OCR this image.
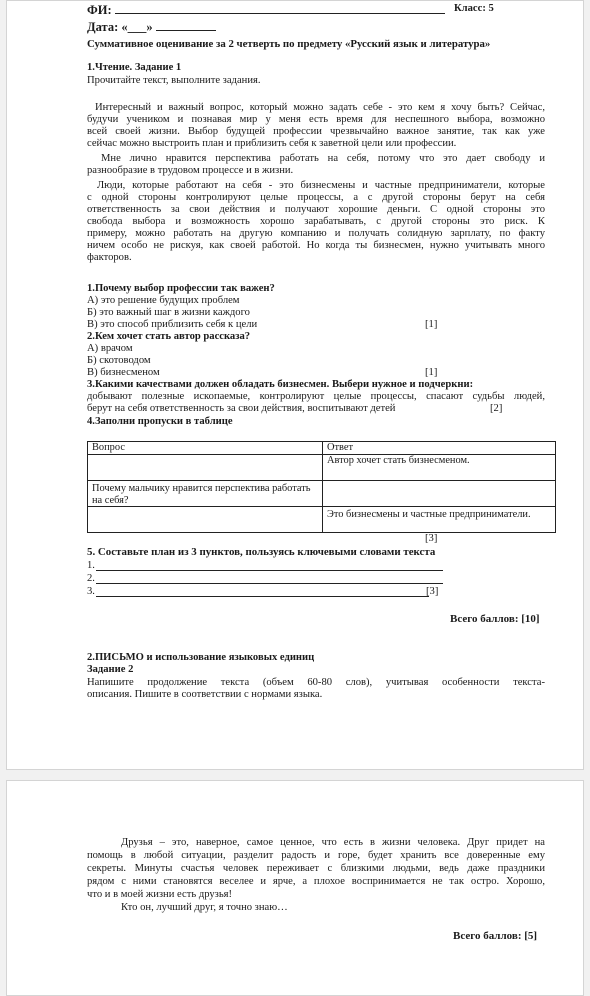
ФИ:	Класс: 5
Дата: «___»
Суммативное оценивание за 2 четверть по предмету «Русский язык и литература»
1.Чтение. Задание 1
Прочитайте текст, выполните задания.
Интересный и важный вопрос, который можно задать себе - это кем я хочу быть? Сейчас,
будучи учеником и познавая мир у меня есть время для неспешного выбора, возможно
всей своей жизни. Выбор будущей профессии чрезвычайно важное занятие, так как уже
сейчас можно выстроить план и приблизить себя к заветной цели или профессии.
Мне лично нравится перспектива работать на себя, потому что это дает свободу и
разнообразие в трудовом процессе и в жизни.
Люди, которые работают на себя - это бизнесмены и частные предприниматели, которые
с одной стороны контролируют целые процессы, а с другой стороны берут на себя
ответственность за свои действия и получают хорошие деньги. С одной стороны это
свобода выбора и возможность хорошо зарабатывать, с другой стороны это риск. К
примеру, можно работать на другую компанию и получать солидную зарплату, по факту
ничем особо не рискуя, как своей работой. Но когда ты бизнесмен, нужно учитывать много
факторов.
1.Почему выбор профессии так важен?
А) это решение будущих проблем
Б) это важный шаг в жизни каждого
В) это способ приблизить себя к цели	[1]
2.Кем хочет стать автор рассказа?
А) врачом
Б) скотоводом
В) бизнесменом	[1]
3.Какими качествами должен обладать бизнесмен. Выбери нужное и подчеркни:
добывают полезные ископаемые, контролируют целые процессы, спасают судьбы людей,
берут на себя ответственность за свои действия, воспитывают детей	[2]
4.Заполни пропуски в таблице
Вопрос	Ответ
	Автор хочет стать бизнесменом.
Почему мальчику нравится перспектива работать на себя?	
	Это бизнесмены и частные предприниматели.
[3]
5. Составьте план из 3 пунктов, пользуясь ключевыми словами текста
1.
2.
3.	[3]
Всего баллов: [10]
2.ПИСЬМО и использование языковых единиц
Задание 2
Напишите продолжение текста (объем 60-80 слов), учитывая особенности текста-
описания. Пишите в соответствии с нормами языка.
Друзья – это, наверное, самое ценное, что есть в жизни человека. Друг придет на
помощь в любой ситуации, разделит радость и горе, будет хранить все доверенные ему
секреты. Минуты счастья человек переживает с близкими людьми, ведь даже праздники
рядом с ними становятся веселее и ярче, а плохое воспринимается не так остро. Хорошо,
что и в моей жизни есть друзья!
Кто он, лучший друг, я точно знаю…
Всего баллов: [5]
